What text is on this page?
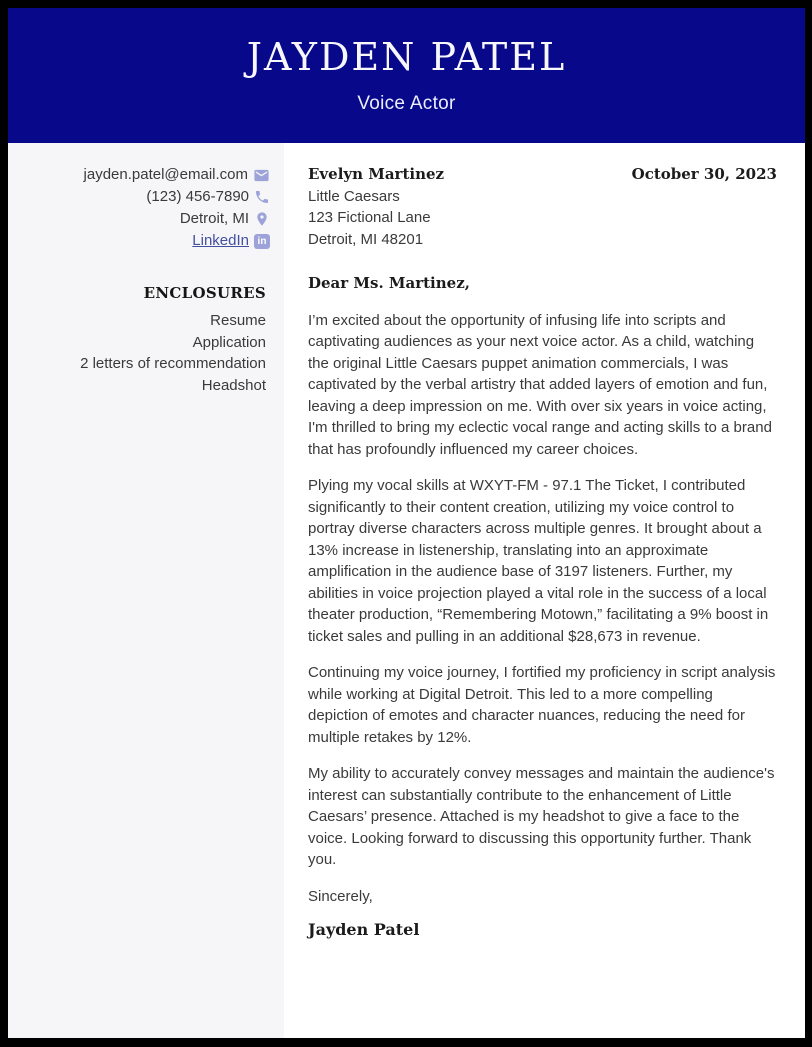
JAYDEN PATEL
Voice Actor
jayden.patel@email.com
(123) 456-7890
Detroit, MI
LinkedIn in
ENCLOSURES
Resume
Application
2 letters of recommendation
Headshot
Evelyn Martinez
Little Caesars
123 Fictional Lane
Detroit, MI 48201
October 30, 2023
Dear Ms. Martinez,

I’m excited about the opportunity of infusing life into scripts and captivating audiences as your next voice actor. As a child, watching the original Little Caesars puppet animation commercials, I was captivated by the verbal artistry that added layers of emotion and fun, leaving a deep impression on me. With over six years in voice acting, I'm thrilled to bring my eclectic vocal range and acting skills to a brand that has profoundly influenced my career choices.

Plying my vocal skills at WXYT-FM - 97.1 The Ticket, I contributed significantly to their content creation, utilizing my voice control to portray diverse characters across multiple genres. It brought about a 13% increase in listenership, translating into an approximate amplification in the audience base of 3197 listeners. Further, my abilities in voice projection played a vital role in the success of a local theater production, “Remembering Motown,” facilitating a 9% boost in ticket sales and pulling in an additional $28,673 in revenue.

Continuing my voice journey, I fortified my proficiency in script analysis while working at Digital Detroit. This led to a more compelling depiction of emotes and character nuances, reducing the need for multiple retakes by 12%.

My ability to accurately convey messages and maintain the audience's interest can substantially contribute to the enhancement of Little Caesars’ presence. Attached is my headshot to give a face to the voice. Looking forward to discussing this opportunity further. Thank you.

Sincerely,
Jayden Patel
